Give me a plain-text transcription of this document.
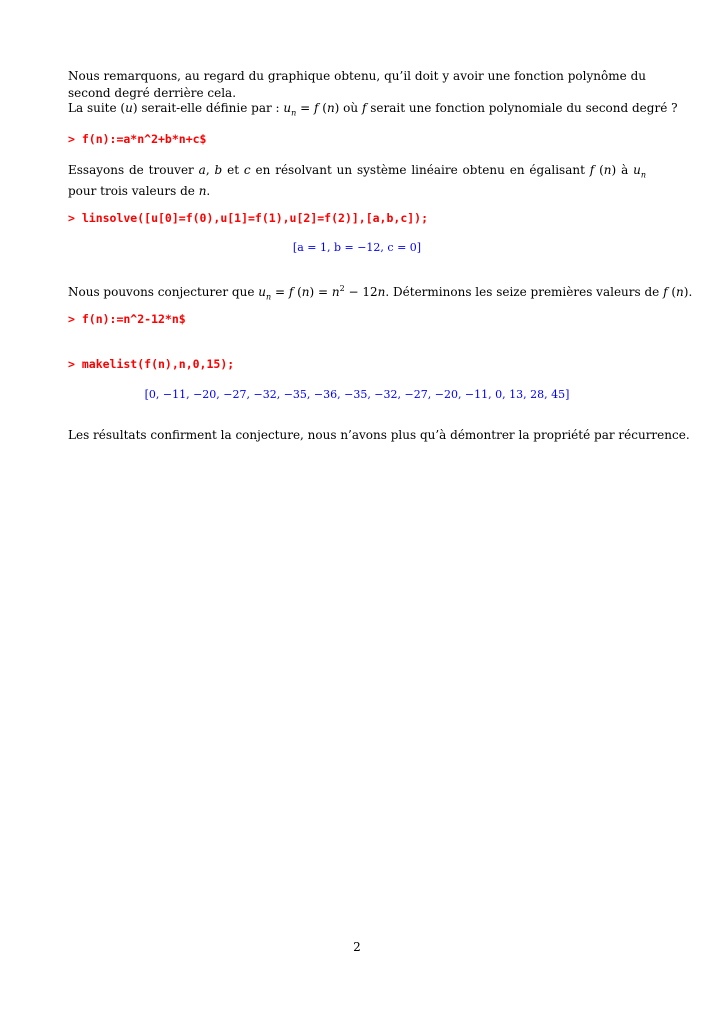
Nous remarquons, au regard du graphique obtenu, qu’il doit y avoir une fonction polynôme du second degré derrière cela.

La suite (u) serait-elle définie par : $u_n = f$ (n) où f serait une fonction polynomiale du second degré ?

> f(n):=a*n^2+b*n+c$

Essayons de trouver a, b et c en résolvant un système linéaire obtenu en égalisant f (n) à $u_n$ pour trois valeurs de n.

> linsolve([u[0]=f(0),u[1]=f(1),u[2]=f(2)],[a,b,c]);
[a = 1, b = −12, c = 0]

Nous pouvons conjecturer que $u_n = f$ $(n) = n^2 - 12n$. Déterminons les seize premières valeurs de f (n).

> f(n):=n^2-12*n$
> makelist(f(n),n,0,15);
[0, −11, −20, −27, −32, −35, −36, −35, −32, −27, −20, −11, 0, 13, 28, 45]

Les résultats confirment la conjecture, nous n’avons plus qu’à démontrer la propriété par récurrence.

2
